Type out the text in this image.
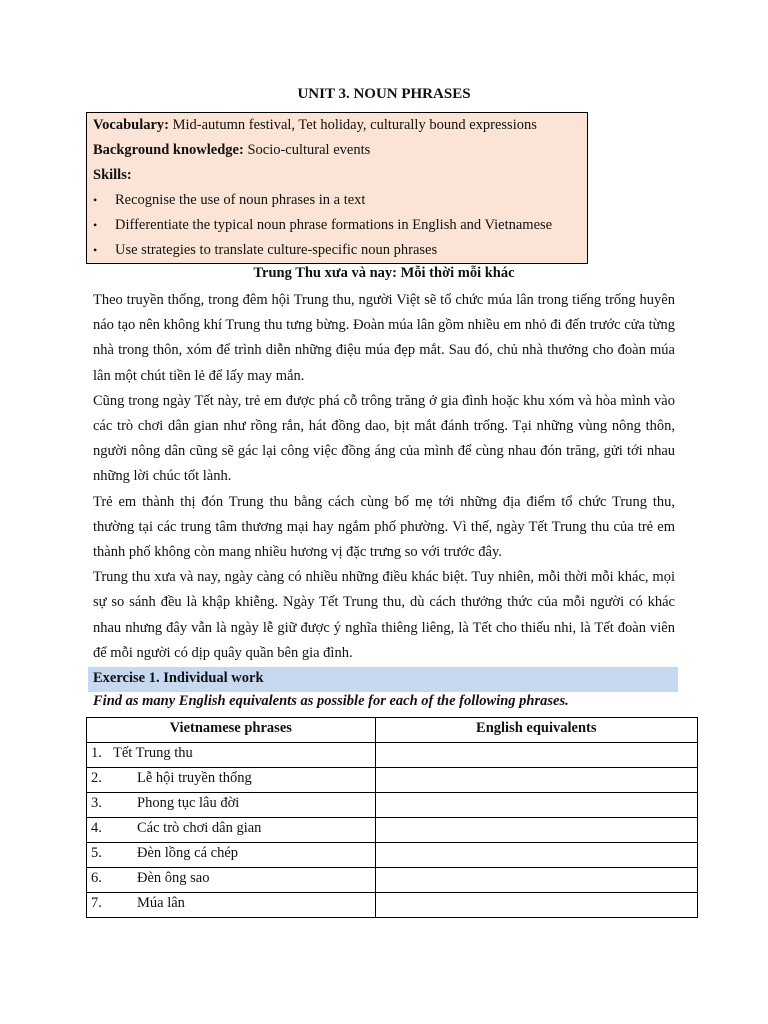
UNIT 3. NOUN PHRASES
Vocabulary: Mid-autumn festival, Tet holiday, culturally bound expressions
Background knowledge: Socio-cultural events
Skills:
•	Recognise the use of noun phrases in a text
•	Differentiate the typical noun phrase formations in English and Vietnamese
•	Use strategies to translate culture-specific noun phrases
Trung Thu xưa và nay: Mỗi thời mỗi khác

Theo truyền thống, trong đêm hội Trung thu, người Việt sẽ tổ chức múa lân trong tiếng trống huyên náo tạo nên không khí Trung thu tưng bừng. Đoàn múa lân gồm nhiều em nhỏ đi đến trước cửa từng nhà trong thôn, xóm để trình diễn những điệu múa đẹp mắt. Sau đó, chủ nhà thưởng cho đoàn múa lân một chút tiền lẻ để lấy may mắn.

Cũng trong ngày Tết này, trẻ em được phá cỗ trông trăng ở gia đình hoặc khu xóm và hòa mình vào các trò chơi dân gian như rồng rắn, hát đồng dao, bịt mắt đánh trống. Tại những vùng nông thôn, người nông dân cũng sẽ gác lại công việc đồng áng của mình để cùng nhau đón trăng, gửi tới nhau những lời chúc tốt lành.

Trẻ em thành thị đón Trung thu bằng cách cùng bố mẹ tới những địa điểm tổ chức Trung thu, thường tại các trung tâm thương mại hay ngắm phố phường. Vì thế, ngày Tết Trung thu của trẻ em thành phố không còn mang nhiều hương vị đặc trưng so với trước đây.

Trung thu xưa và nay, ngày càng có nhiều những điều khác biệt. Tuy nhiên, mỗi thời mỗi khác, mọi sự so sánh đều là khập khiễng. Ngày Tết Trung thu, dù cách thưởng thức của mỗi người có khác nhau nhưng đây vẫn là ngày lễ giữ được ý nghĩa thiêng liêng, là Tết cho thiếu nhi, là Tết đoàn viên để mỗi người có dịp quây quần bên gia đình.

Exercise 1. Individual work
Find as many English equivalents as possible for each of the following phrases.
Vietnamese phrases	English equivalents
1. Tết Trung thu	
2. Lễ hội truyền thống	
3. Phong tục lâu đời	
4. Các trò chơi dân gian	
5. Đèn lồng cá chép	
6. Đèn ông sao	
7. Múa lân	
